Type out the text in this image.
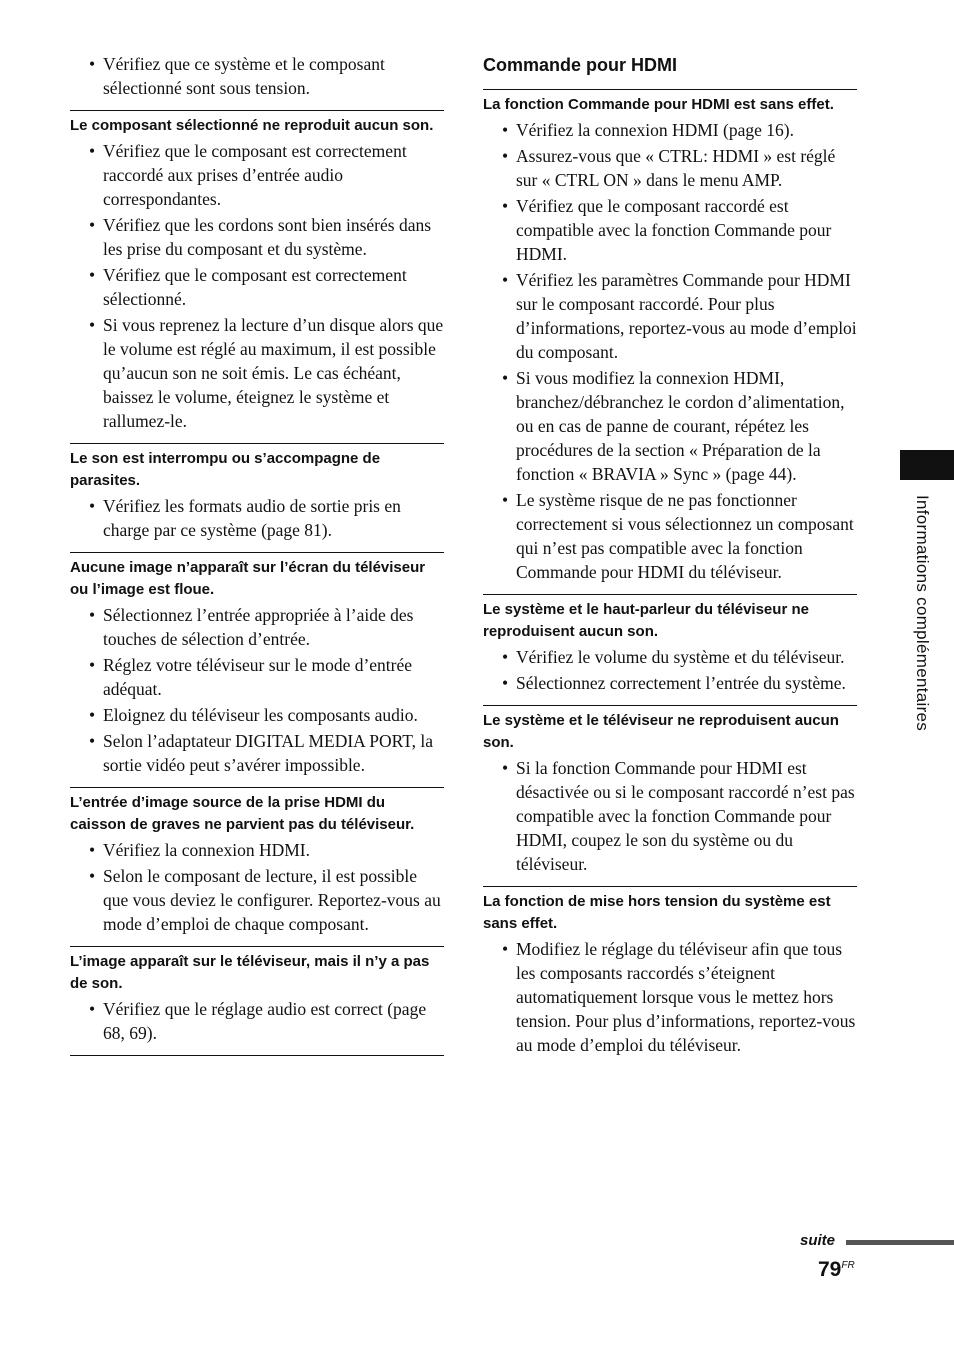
• Vérifiez que ce système et le composant sélectionné sont sous tension.
Le composant sélectionné ne reproduit aucun son.
• Vérifiez que le composant est correctement raccordé aux prises d’entrée audio correspondantes.
• Vérifiez que les cordons sont bien insérés dans les prise du composant et du système.
• Vérifiez que le composant est correctement sélectionné.
• Si vous reprenez la lecture d’un disque alors que le volume est réglé au maximum, il est possible qu’aucun son ne soit émis. Le cas échéant, baissez le volume, éteignez le système et rallumez-le.
Le son est interrompu ou s’accompagne de parasites.
• Vérifiez les formats audio de sortie pris en charge par ce système (page 81).
Aucune image n’apparaît sur l’écran du téléviseur ou l’image est floue.
• Sélectionnez l’entrée appropriée à l’aide des touches de sélection d’entrée.
• Réglez votre téléviseur sur le mode d’entrée adéquat.
• Eloignez du téléviseur les composants audio.
• Selon l’adaptateur DIGITAL MEDIA PORT, la sortie vidéo peut s’avérer impossible.
L’entrée d’image source de la prise HDMI du caisson de graves ne parvient pas du téléviseur.
• Vérifiez la connexion HDMI.
• Selon le composant de lecture, il est possible que vous deviez le configurer. Reportez-vous au mode d’emploi de chaque composant.
L’image apparaît sur le téléviseur, mais il n’y a pas de son.
• Vérifiez que le réglage audio est correct (page 68, 69).
Commande pour HDMI
La fonction Commande pour HDMI est sans effet.
• Vérifiez la connexion HDMI (page 16).
• Assurez-vous que « CTRL: HDMI » est réglé sur « CTRL ON » dans le menu AMP.
• Vérifiez que le composant raccordé est compatible avec la fonction Commande pour HDMI.
• Vérifiez les paramètres Commande pour HDMI sur le composant raccordé. Pour plus d’informations, reportez-vous au mode d’emploi du composant.
• Si vous modifiez la connexion HDMI, branchez/débranchez le cordon d’alimentation, ou en cas de panne de courant, répétez les procédures de la section « Préparation de la fonction « BRAVIA » Sync » (page 44).
• Le système risque de ne pas fonctionner correctement si vous sélectionnez un composant qui n’est pas compatible avec la fonction Commande pour HDMI du téléviseur.
Le système et le haut-parleur du téléviseur ne reproduisent aucun son.
• Vérifiez le volume du système et du téléviseur.
• Sélectionnez correctement l’entrée du système.
Le système et le téléviseur ne reproduisent aucun son.
• Si la fonction Commande pour HDMI est désactivée ou si le composant raccordé n’est pas compatible avec la fonction Commande pour HDMI, coupez le son du système ou du téléviseur.
La fonction de mise hors tension du système est sans effet.
• Modifiez le réglage du téléviseur afin que tous les composants raccordés s’éteignent automatiquement lorsque vous le mettez hors tension. Pour plus d’informations, reportez-vous au mode d’emploi du téléviseur.
Informations complémentaires
suite
$79^{FR}$
